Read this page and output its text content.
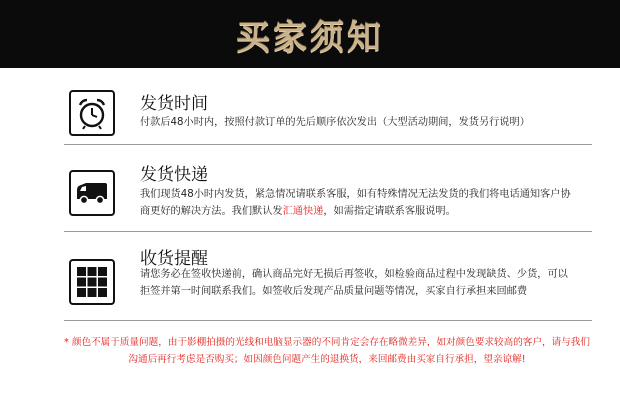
买家须知
发货时间
付款后48小时内，按照付款订单的先后顺序依次发出（大型活动期间，发货另行说明）
发货快递
我们现货48小时内发货，紧急情况请联系客服，如有特殊情况无法发货的我们将电话通知客户协商更好的解决方法。我们默认发汇通快递，如需指定请联系客服说明。
收货提醒
请您务必在签收快递前，确认商品完好无损后再签收，如检验商品过程中发现缺货、少货，可以拒签并第一时间联系我们。如签收后发现产品质量问题等情况，买家自行承担来回邮费
* 颜色不属于质量问题，由于影棚拍摄的光线和电脑显示器的不同肯定会存在略微差异，如对颜色要求较高的客户，请与我们沟通后再行考虑是否购买；如因颜色问题产生的退换货，来回邮费由买家自行承担，望亲谅解!
